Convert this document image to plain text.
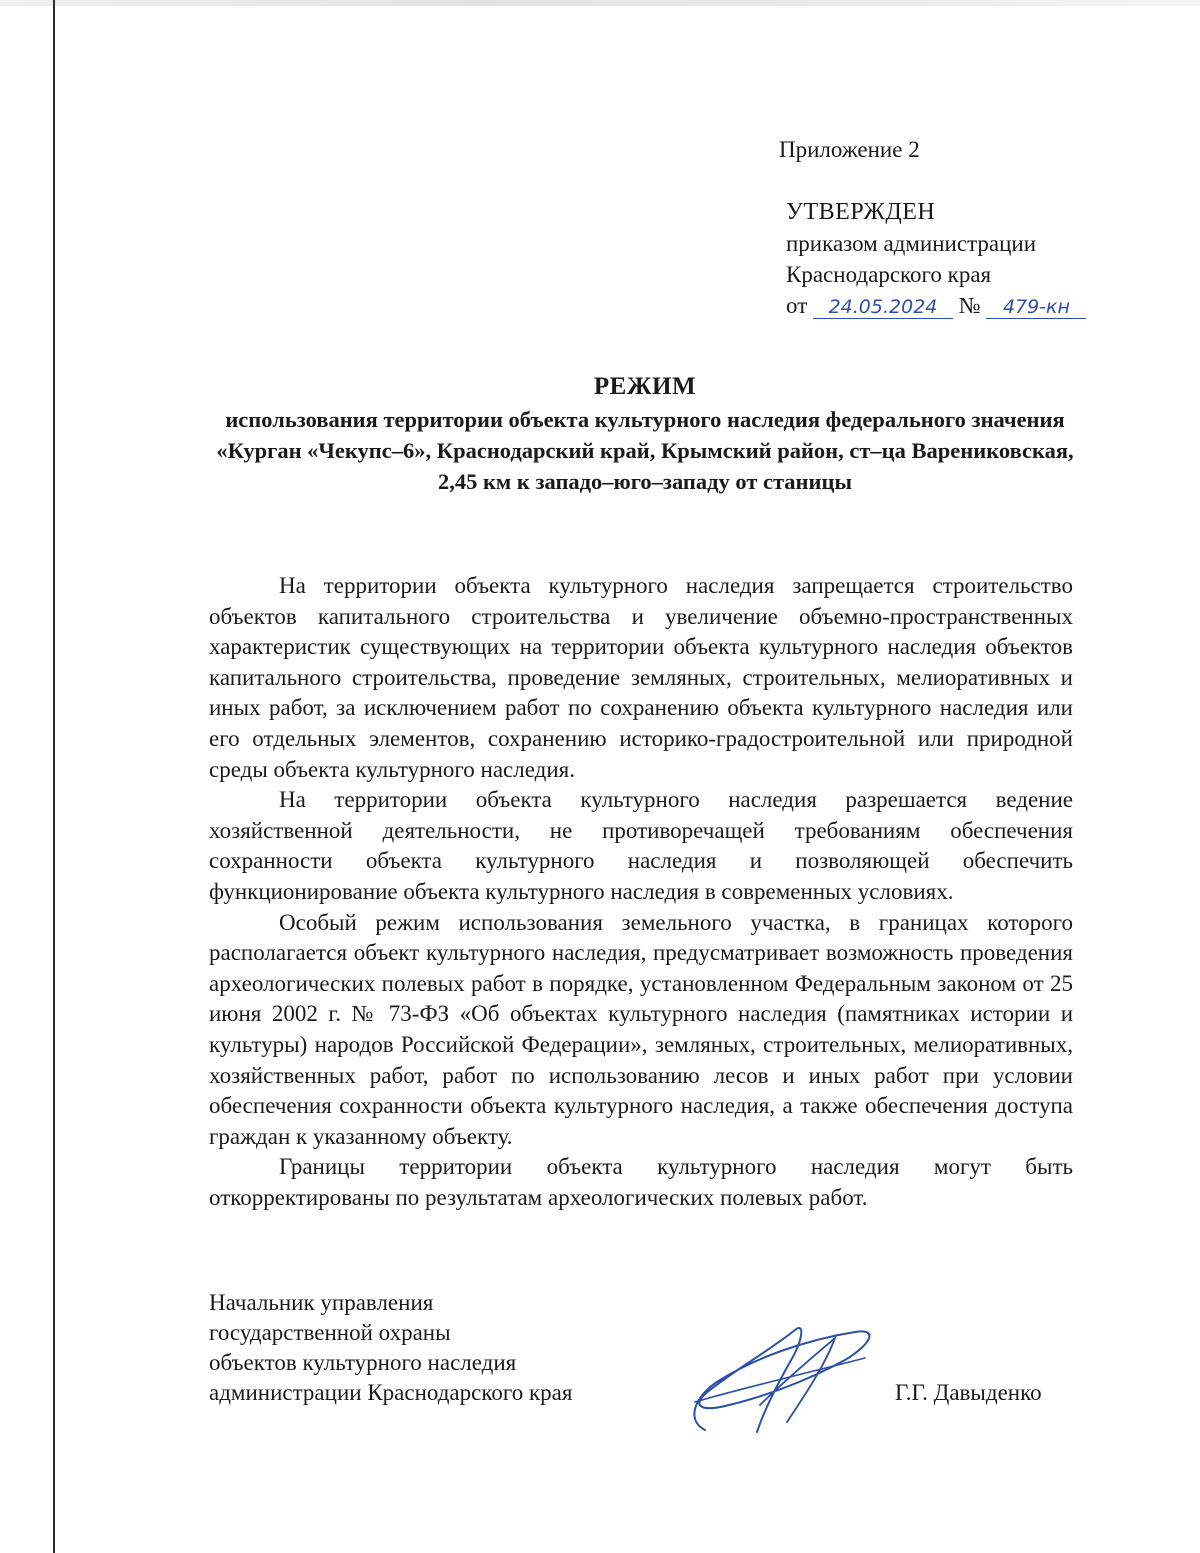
Приложение 2
УТВЕРЖДЕН
приказом администрации
Краснодарского края
от 24.05.2024 № 479-кн
РЕЖИМ
использования территории объекта культурного наследия федерального значения «Курган «Чекупс–6», Краснодарский край, Крымский район, ст–ца Варениковская, 2,45 км к западо–юго–западу от станицы

На территории объекта культурного наследия запрещается строительство объектов капитального строительства и увеличение объемно-пространственных характеристик существующих на территории объекта культурного наследия объектов капитального строительства, проведение земляных, строительных, мелиоративных и иных работ, за исключением работ по сохранению объекта культурного наследия или его отдельных элементов, сохранению историко-градостроительной или природной среды объекта культурного наследия.

На территории объекта культурного наследия разрешается ведение хозяйственной деятельности, не противоречащей требованиям обеспечения сохранности объекта культурного наследия и позволяющей обеспечить функционирование объекта культурного наследия в современных условиях.

Особый режим использования земельного участка, в границах которого располагается объект культурного наследия, предусматривает возможность проведения археологических полевых работ в порядке, установленном Федеральным законом от 25 июня 2002 г. № 73-ФЗ «Об объектах культурного наследия (памятниках истории и культуры) народов Российской Федерации», земляных, строительных, мелиоративных, хозяйственных работ, работ по использованию лесов и иных работ при условии обеспечения сохранности объекта культурного наследия, а также обеспечения доступа граждан к указанному объекту.

Границы территории объекта культурного наследия могут быть откорректированы по результатам археологических полевых работ.

Начальник управления
государственной охраны
объектов культурного наследия
администрации Краснодарского края	Г.Г. Давыденко
